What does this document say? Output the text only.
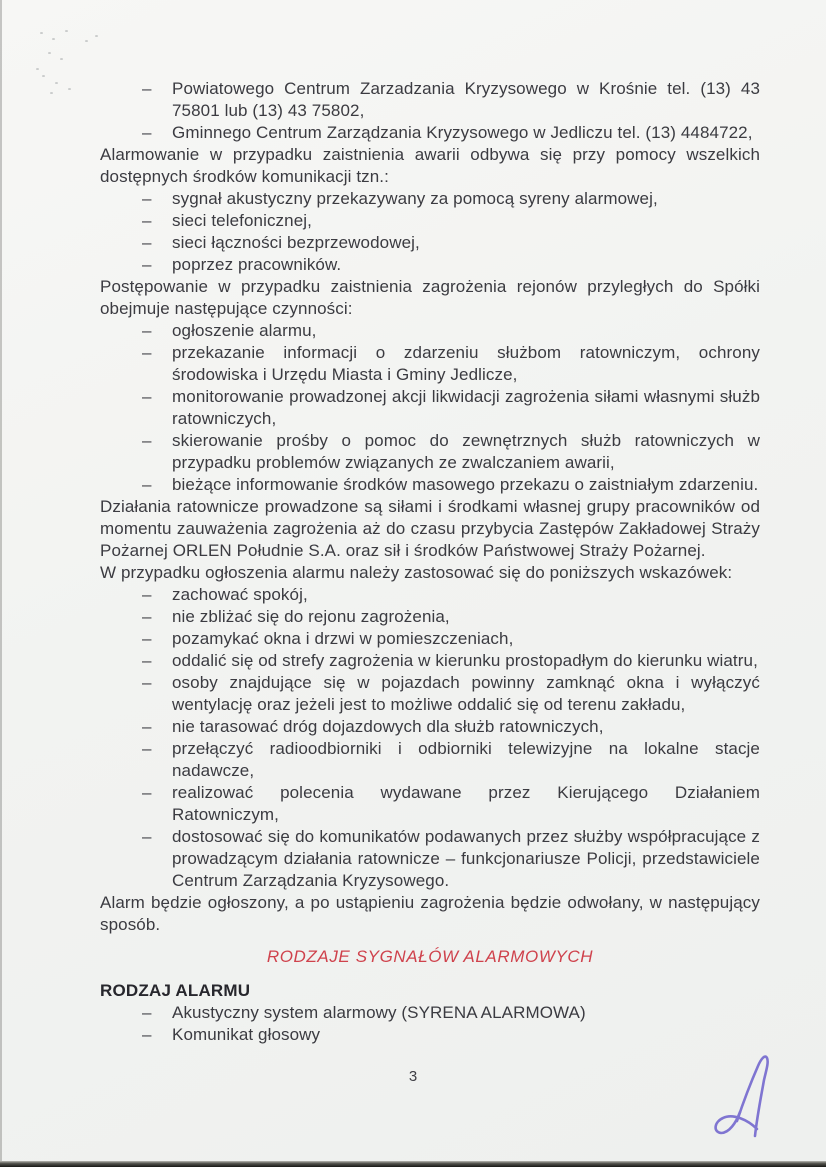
– Powiatowego Centrum Zarzadzania Kryzysowego w Krośnie tel. (13) 43 75801 lub (13) 43 75802,
– Gminnego Centrum Zarządzania Kryzysowego w Jedliczu tel. (13) 4484722,

Alarmowanie w przypadku zaistnienia awarii odbywa się przy pomocy wszelkich dostępnych środków komunikacji tzn.:

– sygnał akustyczny przekazywany za pomocą syreny alarmowej,
– sieci telefonicznej,
– sieci łączności bezprzewodowej,
– poprzez pracowników.

Postępowanie w przypadku zaistnienia zagrożenia rejonów przyległych do Spółki obejmuje następujące czynności:

– ogłoszenie alarmu,
– przekazanie informacji o zdarzeniu służbom ratowniczym, ochrony środowiska i Urzędu Miasta i Gminy Jedlicze,
– monitorowanie prowadzonej akcji likwidacji zagrożenia siłami własnymi służb ratowniczych,
– skierowanie prośby o pomoc do zewnętrznych służb ratowniczych w przypadku problemów związanych ze zwalczaniem awarii,
– bieżące informowanie środków masowego przekazu o zaistniałym zdarzeniu.

Działania ratownicze prowadzone są siłami i środkami własnej grupy pracowników od momentu zauważenia zagrożenia aż do czasu przybycia Zastępów Zakładowej Straży Pożarnej ORLEN Południe S.A. oraz sił i środków Państwowej Straży Pożarnej.

W przypadku ogłoszenia alarmu należy zastosować się do poniższych wskazówek:

– zachować spokój,
– nie zbliżać się do rejonu zagrożenia,
– pozamykać okna i drzwi w pomieszczeniach,
– oddalić się od strefy zagrożenia w kierunku prostopadłym do kierunku wiatru,
– osoby znajdujące się w pojazdach powinny zamknąć okna i wyłączyć wentylację oraz jeżeli jest to możliwe oddalić się od terenu zakładu,
– nie tarasować dróg dojazdowych dla służb ratowniczych,
– przełączyć radioodbiorniki i odbiorniki telewizyjne na lokalne stacje nadawcze,
– realizować polecenia wydawane przez Kierującego Działaniem Ratowniczym,
– dostosować się do komunikatów podawanych przez służby współpracujące z prowadzącym działania ratownicze – funkcjonariusze Policji, przedstawiciele Centrum Zarządzania Kryzysowego.

Alarm będzie ogłoszony, a po ustąpieniu zagrożenia będzie odwołany, w następujący sposób.

RODZAJE SYGNAŁÓW ALARMOWYCH
RODZAJ ALARMU
– Akustyczny system alarmowy (SYRENA ALARMOWA)
– Komunikat głosowy
3
